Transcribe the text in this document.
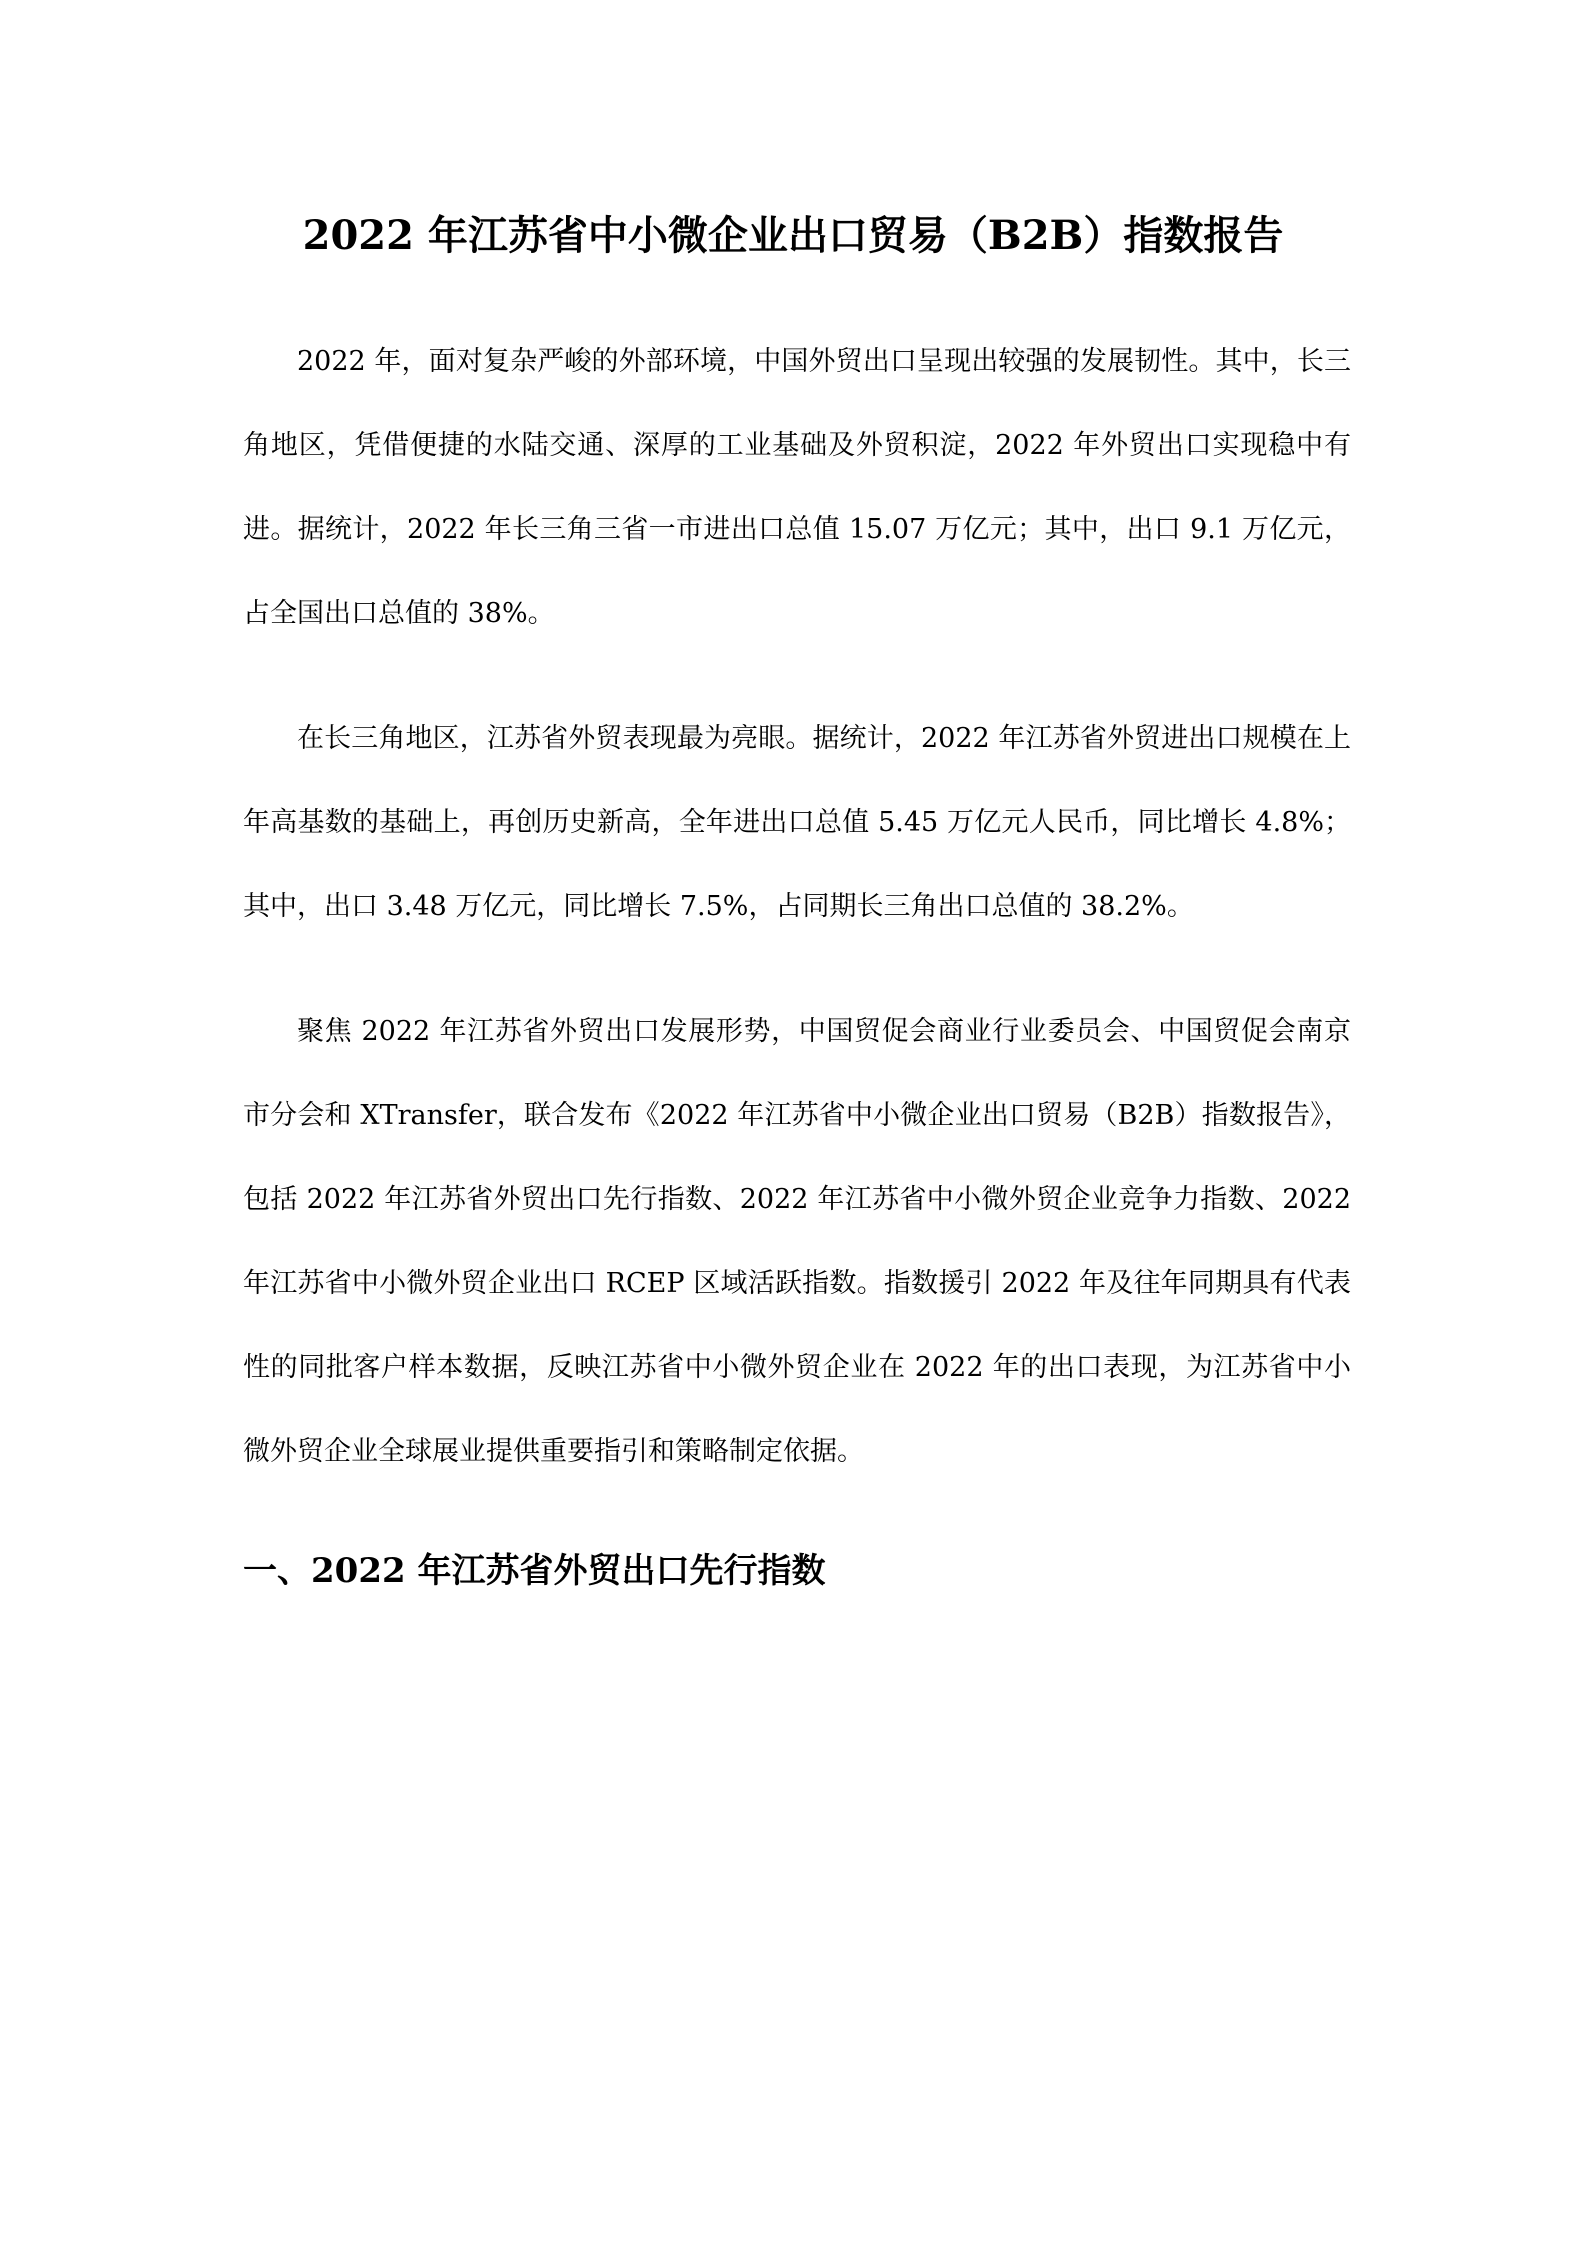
2022 年江苏省中小微企业出口贸易（B2B）指数报告

2022 年，面对复杂严峻的外部环境，中国外贸出口呈现出较强的发展韧性。其中，长三角地区，凭借便捷的水陆交通、深厚的工业基础及外贸积淀，2022 年外贸出口实现稳中有进。据统计，2022 年长三角三省一市进出口总值 15.07 万亿元；其中，出口 9.1 万亿元，占全国出口总值的 38%。

在长三角地区，江苏省外贸表现最为亮眼。据统计，2022 年江苏省外贸进出口规模在上年高基数的基础上，再创历史新高，全年进出口总值 5.45 万亿元人民币，同比增长 4.8%；其中，出口 3.48 万亿元，同比增长 7.5%，占同期长三角出口总值的 38.2%。

聚焦 2022 年江苏省外贸出口发展形势，中国贸促会商业行业委员会、中国贸促会南京市分会和 XTransfer，联合发布《2022 年江苏省中小微企业出口贸易（B2B）指数报告》，包括 2022 年江苏省外贸出口先行指数、2022 年江苏省中小微外贸企业竞争力指数、2022 年江苏省中小微外贸企业出口 RCEP 区域活跃指数。指数援引 2022 年及往年同期具有代表性的同批客户样本数据，反映江苏省中小微外贸企业在 2022 年的出口表现，为江苏省中小微外贸企业全球展业提供重要指引和策略制定依据。

一、2022 年江苏省外贸出口先行指数
